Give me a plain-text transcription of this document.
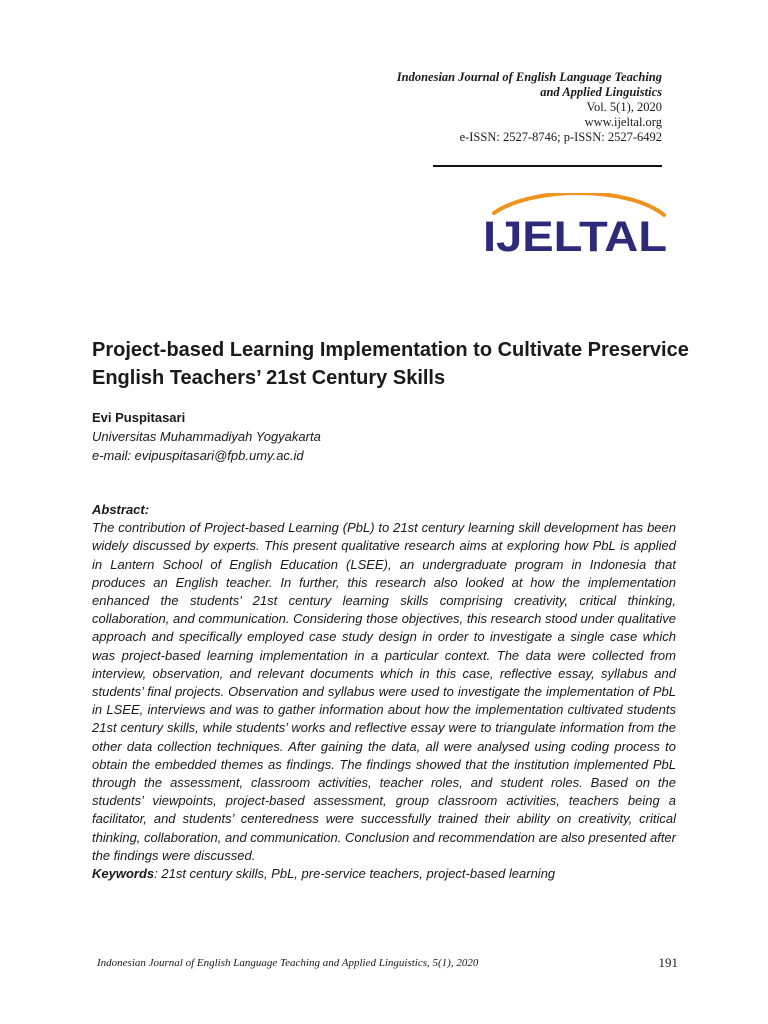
Indonesian Journal of English Language Teaching
and Applied Linguistics
Vol. 5(1), 2020
www.ijeltal.org
e-ISSN: 2527-8746; p-ISSN: 2527-6492
IJELTAL
Project-based Learning Implementation to Cultivate Preservice English Teachers’ 21st Century Skills
Evi Puspitasari
Universitas Muhammadiyah Yogyakarta
e-mail: evipuspitasari@fpb.umy.ac.id
Abstract:

The contribution of Project-based Learning (PbL) to 21st century learning skill development has been widely discussed by experts. This present qualitative research aims at exploring how PbL is applied in Lantern School of English Education (LSEE), an undergraduate program in Indonesia that produces an English teacher. In further, this research also looked at how the implementation enhanced the students’ 21st century learning skills comprising creativity, critical thinking, collaboration, and communication. Considering those objectives, this research stood under qualitative approach and specifically employed case study design in order to investigate a single case which was project-based learning implementation in a particular context. The data were collected from interview, observation, and relevant documents which in this case, reflective essay, syllabus and students’ final projects. Observation and syllabus were used to investigate the implementation of PbL in LSEE, interviews and was to gather information about how the implementation cultivated students 21st century skills, while students’ works and reflective essay were to triangulate information from the other data collection techniques. After gaining the data, all were analysed using coding process to obtain the embedded themes as findings. The findings showed that the institution implemented PbL through the assessment, classroom activities, teacher roles, and student roles. Based on the students’ viewpoints, project-based assessment, group classroom activities, teachers being a facilitator, and students’ centeredness were successfully trained their ability on creativity, critical thinking, collaboration, and communication. Conclusion and recommendation are also presented after the findings were discussed.

Keywords: 21st century skills, PbL, pre-service teachers, project-based learning

Indonesian Journal of English Language Teaching and Applied Linguistics, 5(1), 2020	191
